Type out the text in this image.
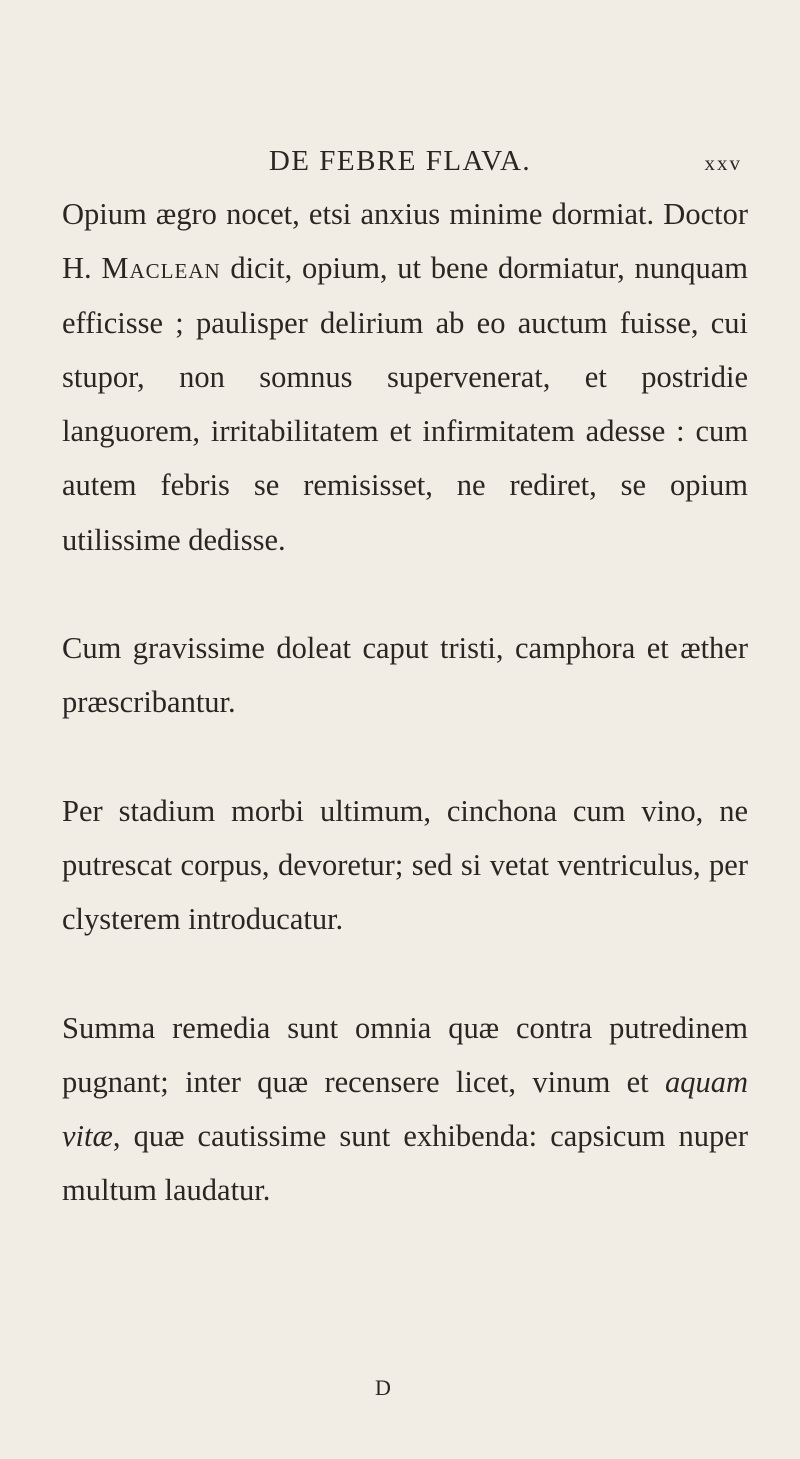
DE FEBRE FLAVA.	xxv

Opium ægro nocet, etsi anxius minime dormiat. Doctor H. Maclean dicit, opium, ut bene dormiatur, nunquam efficisse ; paulisper delirium ab eo auctum fuisse, cui stupor, non somnus supervenerat, et postridie languorem, irritabilitatem et infirmitatem adesse : cum autem febris se remisisset, ne rediret, se opium utilissime dedisse.

Cum gravissime doleat caput tristi, camphora et æther præscribantur.

Per stadium morbi ultimum, cinchona cum vino, ne putrescat corpus, devoretur; sed si vetat ventriculus, per clysterem introducatur.

Summa remedia sunt omnia quæ contra putredinem pugnant; inter quæ recensere licet, vinum et aquam vitæ, quæ cautissime sunt exhibenda: capsicum nuper multum laudatur.

D
